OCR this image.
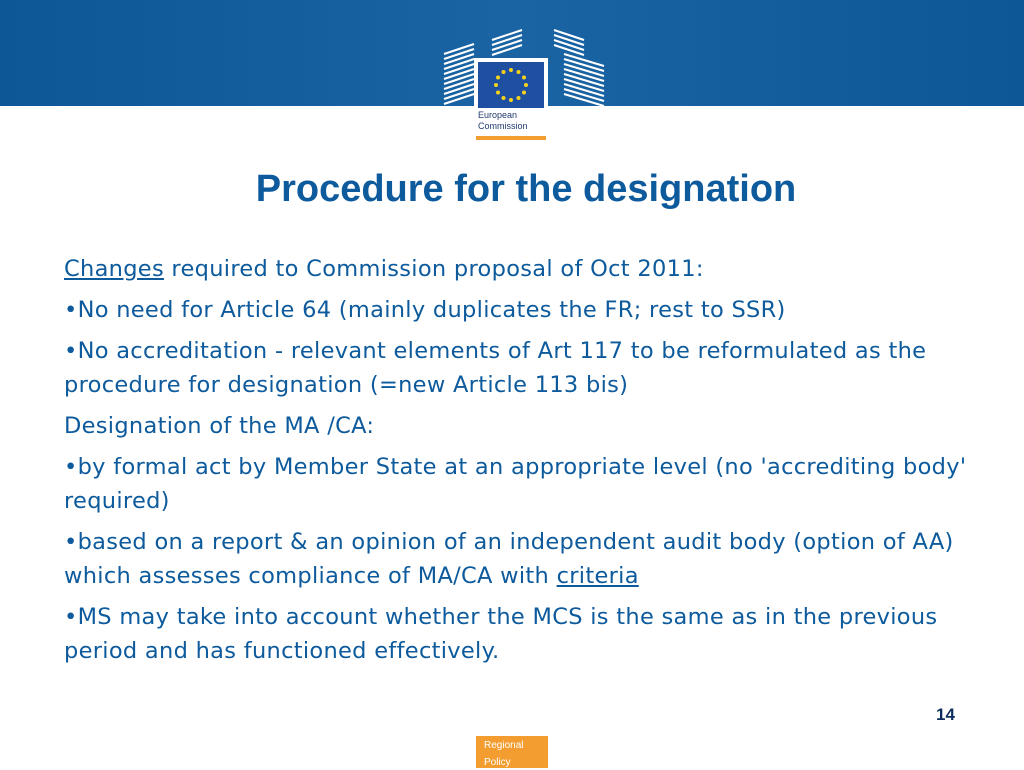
European
Commission
Procedure for the designation

Changes required to Commission proposal of Oct 2011:

•No need for Article 64 (mainly duplicates the FR; rest to SSR)

•No accreditation - relevant elements of Art 117 to be reformulated as the procedure for designation (=new Article 113 bis)

Designation of the MA /CA:

•by formal act by Member State at an appropriate level (no 'accrediting body' required)

•based on a report & an opinion of an independent audit body (option of AA) which assesses compliance of MA/CA with criteria

•MS may take into account whether the MCS is the same as in the previous period and has functioned effectively.

14
Regional
Policy
